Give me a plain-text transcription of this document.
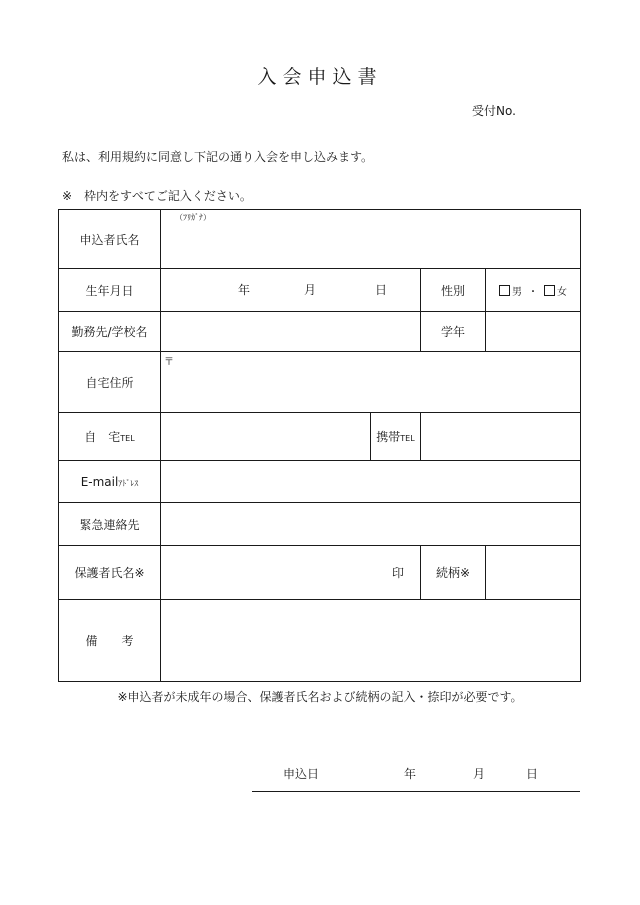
入会申込書
受付No.
私は、利用規約に同意し下記の通り入会を申し込みます。
※　枠内をすべてご記入ください。
申込者氏名	（ﾌﾘｶﾞﾅ）			

生年月日	年 月 日		性別	男 ・ 女
勤務先/学校名			学年	
自宅住所	〒			

自　宅TEL		携帯TEL		
E-mailｱﾄﾞﾚｽ				
緊急連絡先				
保護者氏名※	印		続柄※	
備　　考				
※申込者が未成年の場合、保護者氏名および続柄の記入・捺印が必要です。
申込日	年	月	日
